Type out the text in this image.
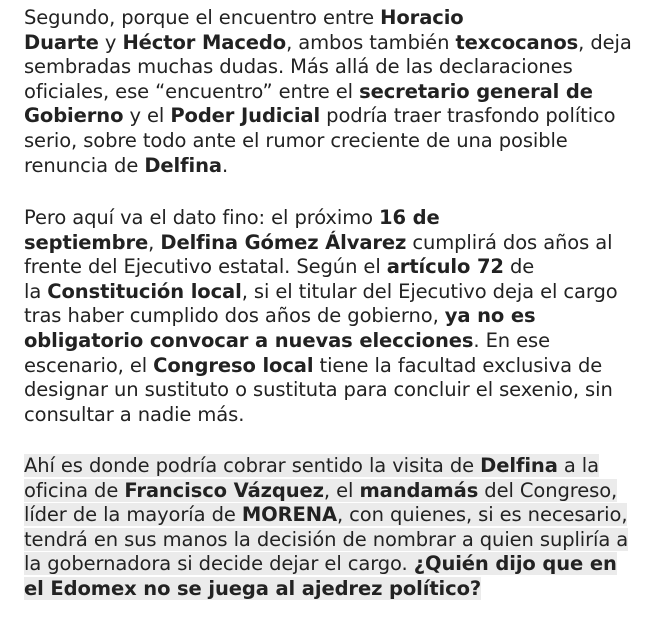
Segundo, porque el encuentro entre Horacio
Duarte y Héctor Macedo, ambos también texcocanos, deja
sembradas muchas dudas. Más allá de las declaraciones
oficiales, ese “encuentro” entre el secretario general de
Gobierno y el Poder Judicial podría traer trasfondo político
serio, sobre todo ante el rumor creciente de una posible
renuncia de Delfina.

Pero aquí va el dato fino: el próximo 16 de
septiembre, Delfina Gómez Álvarez cumplirá dos años al
frente del Ejecutivo estatal. Según el artículo 72 de
la Constitución local, si el titular del Ejecutivo deja el cargo
tras haber cumplido dos años de gobierno, ya no es
obligatorio convocar a nuevas elecciones. En ese
escenario, el Congreso local tiene la facultad exclusiva de
designar un sustituto o sustituta para concluir el sexenio, sin
consultar a nadie más.

Ahí es donde podría cobrar sentido la visita de Delfina a la
oficina de Francisco Vázquez, el mandamás del Congreso,
líder de la mayoría de MORENA, con quienes, si es necesario,
tendrá en sus manos la decisión de nombrar a quien supliría a
la gobernadora si decide dejar el cargo. ¿Quién dijo que en
el Edomex no se juega al ajedrez político?
